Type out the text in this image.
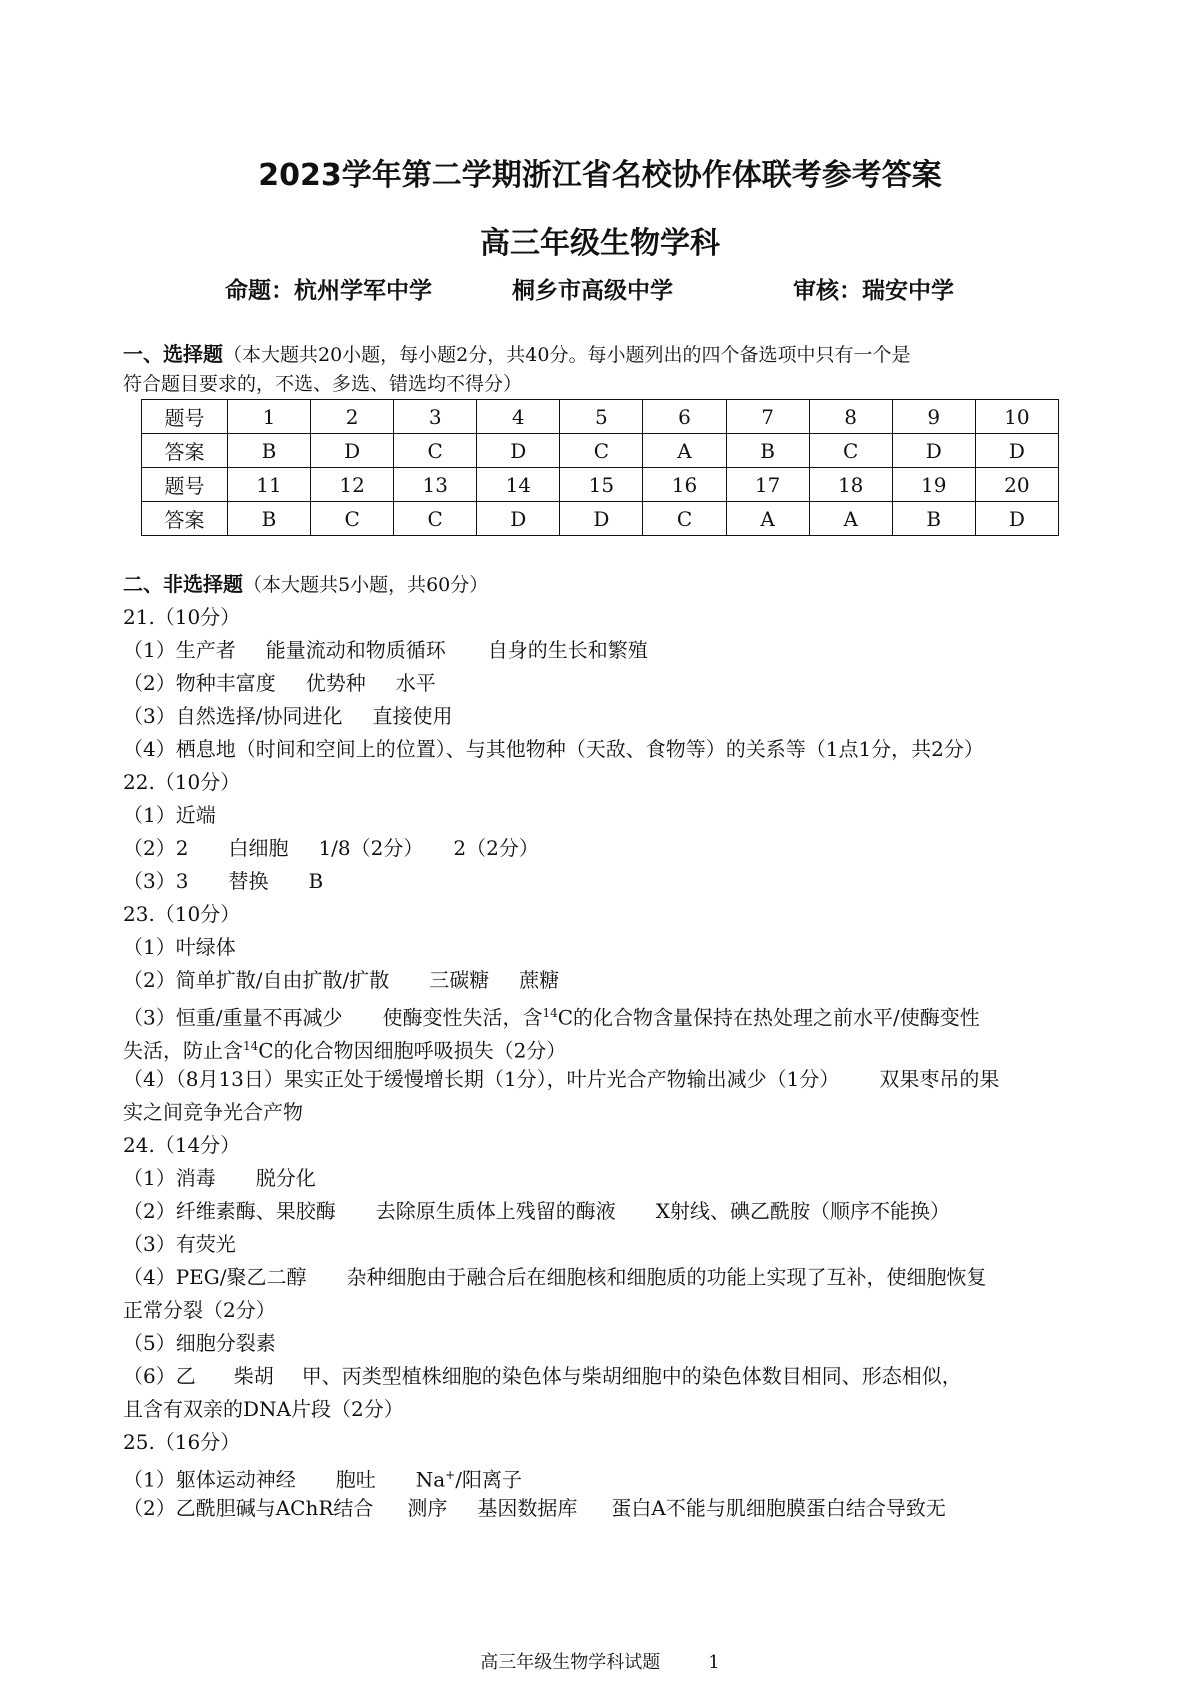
2023学年第二学期浙江省名校协作体联考参考答案
高三年级生物学科
命题：杭州学军中学	桐乡市高级中学	审核：瑞安中学
一、选择题（本大题共20小题，每小题2分，共40分。每小题列出的四个备选项中只有一个是
符合题目要求的，不选、多选、错选均不得分）
题号	1	2	3	4	5	6	7	8	9	10
答案	B	D	C	D	C	A	B	C	D	D
题号	11	12	13	14	15	16	17	18	19	20
答案	B	C	C	D	D	C	A	A	B	D
二、非选择题（本大题共5小题，共60分）
21.（10分）
（1）生产者 能量流动和物质循环 自身的生长和繁殖
（2）物种丰富度 优势种 水平
（3）自然选择/协同进化 直接使用
（4）栖息地（时间和空间上的位置）、与其他物种（天敌、食物等）的关系等（1点1分，共2分）
22.（10分）
（1）近端
（2）2 白细胞 1/8（2分） 2（2分）
（3）3 替换 B
23.（10分）
（1）叶绿体
（2）简单扩散/自由扩散/扩散 三碳糖 蔗糖
（3）恒重/重量不再减少 使酶变性失活，含$^{14}$C的化合物含量保持在热处理之前水平/使酶变性
失活，防止含$^{14}$C的化合物因细胞呼吸损失（2分）
（4）（8月13日）果实正处于缓慢增长期（1分），叶片光合产物输出减少（1分） 双果枣吊的果
实之间竞争光合产物
24.（14分）
（1）消毒 脱分化
（2）纤维素酶、果胶酶 去除原生质体上残留的酶液 X射线、碘乙酰胺（顺序不能换）
（3）有荧光
（4）PEG/聚乙二醇 杂种细胞由于融合后在细胞核和细胞质的功能上实现了互补，使细胞恢复
正常分裂（2分）
（5）细胞分裂素
（6）乙 柴胡 甲、丙类型植株细胞的染色体与柴胡细胞中的染色体数目相同、形态相似，
且含有双亲的DNA片段（2分）
25.（16分）
（1）躯体运动神经 胞吐 Na+/阳离子
（2）乙酰胆碱与AChR结合 测序 基因数据库 蛋白A不能与肌细胞膜蛋白结合导致无
高三年级生物学科试题	1
